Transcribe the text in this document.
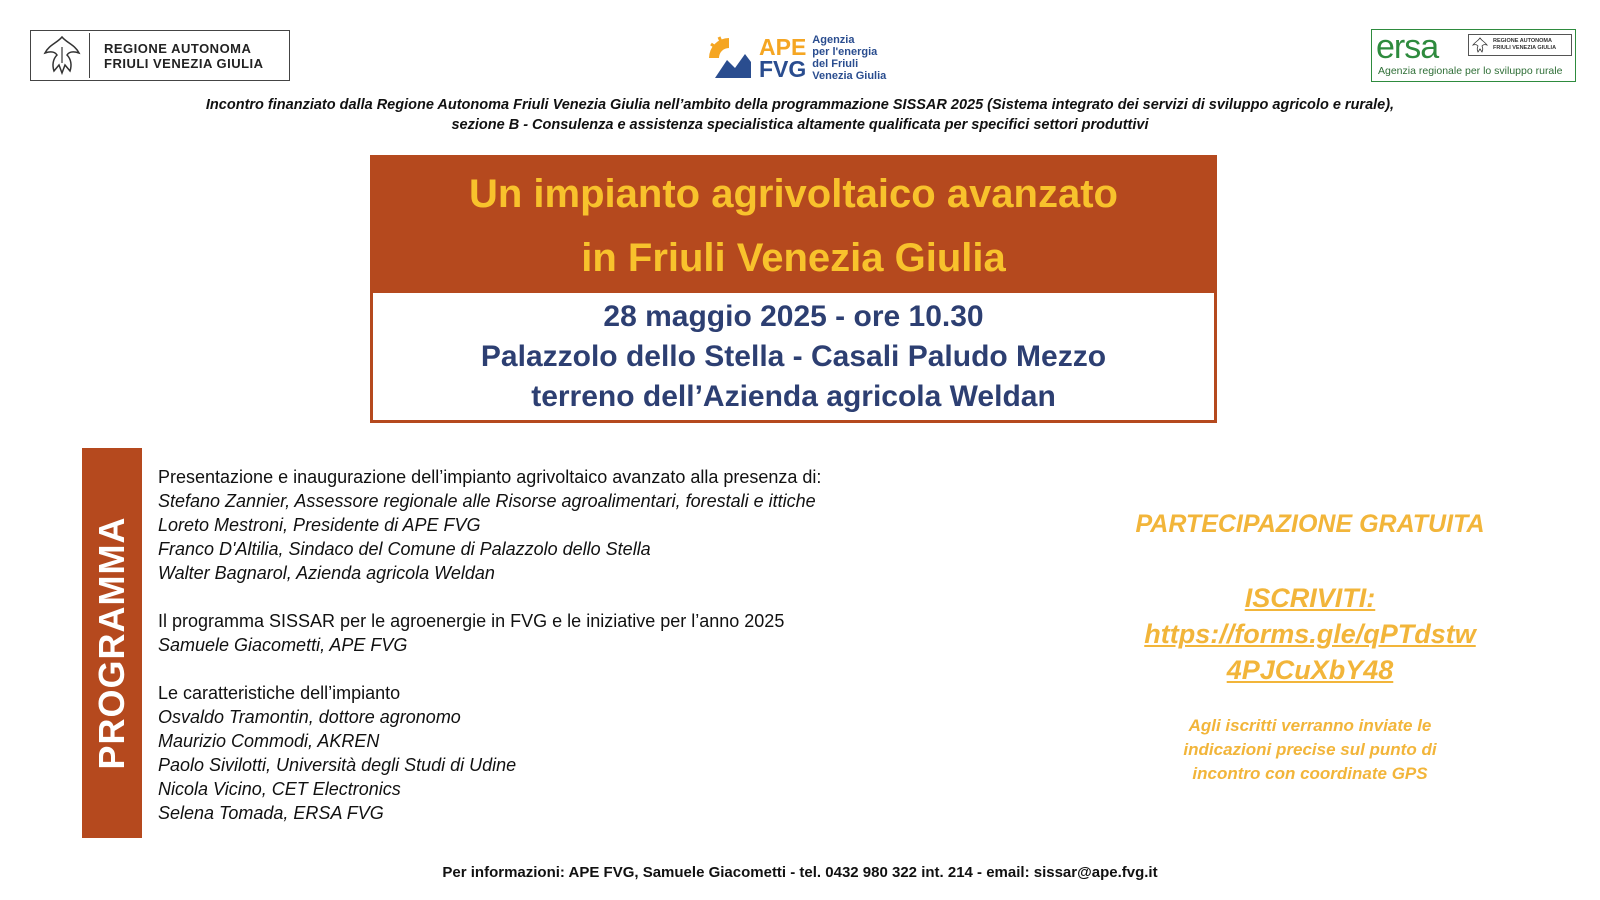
REGIONE AUTONOMA
FRIULI VENEZIA GIULIA
APE
FVG
Agenzia
per l'energia
del Friuli
Venezia Giulia
ersa	REGIONE AUTONOMA
FRIULI VENEZIA GIULIA
Agenzia regionale per lo sviluppo rurale
Incontro finanziato dalla Regione Autonoma Friuli Venezia Giulia nell’ambito della programmazione SISSAR 2025 (Sistema integrato dei servizi di sviluppo agricolo e rurale),
sezione B - Consulenza e assistenza specialistica altamente qualificata per specifici settori produttivi
Un impianto agrivoltaico avanzato
in Friuli Venezia Giulia
28 maggio 2025 - ore 10.30
Palazzolo dello Stella - Casali Paludo Mezzo
terreno dell’Azienda agricola Weldan
PROGRAMMA
Presentazione e inaugurazione dell’impianto agrivoltaico avanzato alla presenza di:
Stefano Zannier, Assessore regionale alle Risorse agroalimentari, forestali e ittiche
Loreto Mestroni, Presidente di APE FVG
Franco D'Altilia, Sindaco del Comune di Palazzolo dello Stella
Walter Bagnarol, Azienda agricola Weldan
Il programma SISSAR per le agroenergie in FVG e le iniziative per l’anno 2025
Samuele Giacometti, APE FVG
Le caratteristiche dell’impianto
Osvaldo Tramontin, dottore agronomo
Maurizio Commodi, AKREN
Paolo Sivilotti, Università degli Studi di Udine
Nicola Vicino, CET Electronics
Selena Tomada, ERSA FVG
PARTECIPAZIONE GRATUITA
ISCRIVITI:
https://forms.gle/qPTdstw
4PJCuXbY48
Agli iscritti verranno inviate le
indicazioni precise sul punto di
incontro con coordinate GPS
Per informazioni: APE FVG, Samuele Giacometti - tel. 0432 980 322 int. 214 - email: sissar@ape.fvg.it
